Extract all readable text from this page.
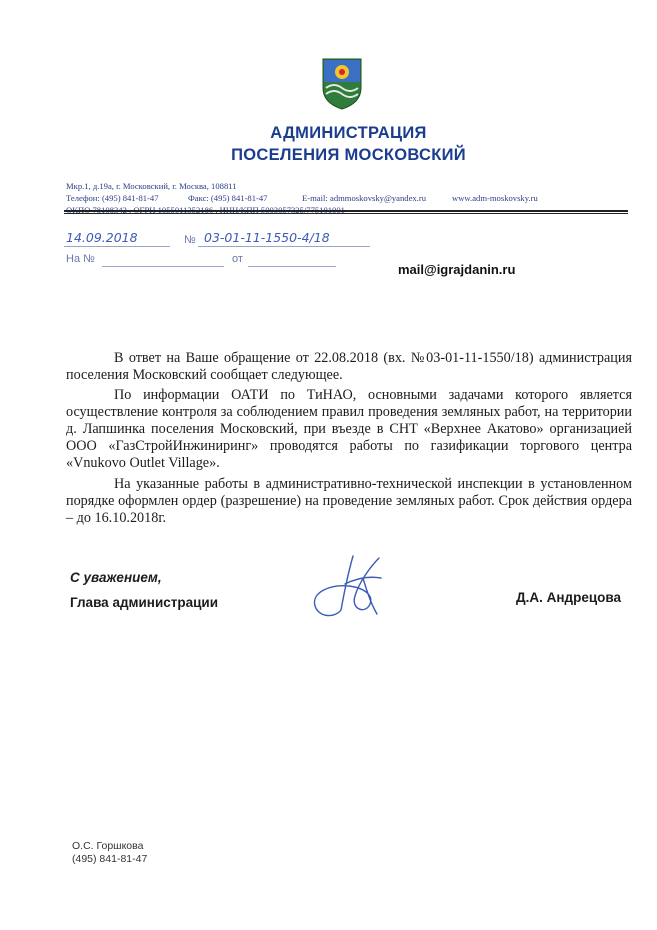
АДМИНИСТРАЦИЯ
ПОСЕЛЕНИЯ МОСКОВСКИЙ
Мкр.1, д.19а, г. Московский, г. Москва, 108811
Телефон: (495) 841-81-47	Факс: (495) 841-81-47	E-mail: admmoskovsky@yandex.ru	www.adm-moskovsky.ru
14.09.2018	№ 03-01-11-1550-4/18
На №	от
mail@igrajdanin.ru
В ответ на Ваше обращение от 22.08.2018 (вх. №03-01-11-1550/18) администрация поселения Московский сообщает следующее.
По информации ОАТИ по ТиНАО, основными задачами которого является осуществление контроля за соблюдением правил проведения земляных работ, на территории д. Лапшинка поселения Московский, при въезде в СНТ «Верхнее Акатово» организацией ООО «ГазСтройИнжиниринг» проводятся работы по газификации торгового центра «Vnukovo Outlet Village».
На указанные работы в административно-технической инспекции в установленном порядке оформлен ордер (разрешение) на проведение земляных работ. Срок действия ордера – до 16.10.2018г.
С уважением,
Глава администрации	Д.А. Андрецова
О.С. Горшкова
(495) 841-81-47
